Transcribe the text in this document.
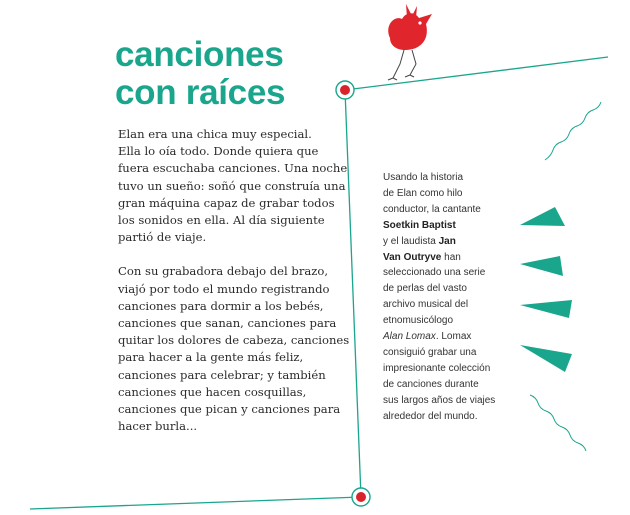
canciones
con raíces

Elan era una chica muy especial.
Ella lo oía todo. Donde quiera que
fuera escuchaba canciones. Una noche
tuvo un sueño: soñó que construía una
gran máquina capaz de grabar todos
los sonidos en ella. Al día siguiente
partió de viaje.

Con su grabadora debajo del brazo,
viajó por todo el mundo registrando
canciones para dormir a los bebés,
canciones que sanan, canciones para
quitar los dolores de cabeza, canciones
para hacer a la gente más feliz,
canciones para celebrar; y también
canciones que hacen cosquillas,
canciones que pican y canciones para
hacer burla...

Usando la historia
de Elan como hilo
conductor, la cantante
Soetkin Baptist
y el laudista Jan
Van Outryve han
seleccionado una serie
de perlas del vasto
archivo musical del
etnomusicólogo
Alan Lomax. Lomax
consiguió grabar una
impresionante colección
de canciones durante
sus largos años de viajes
alrededor del mundo.
